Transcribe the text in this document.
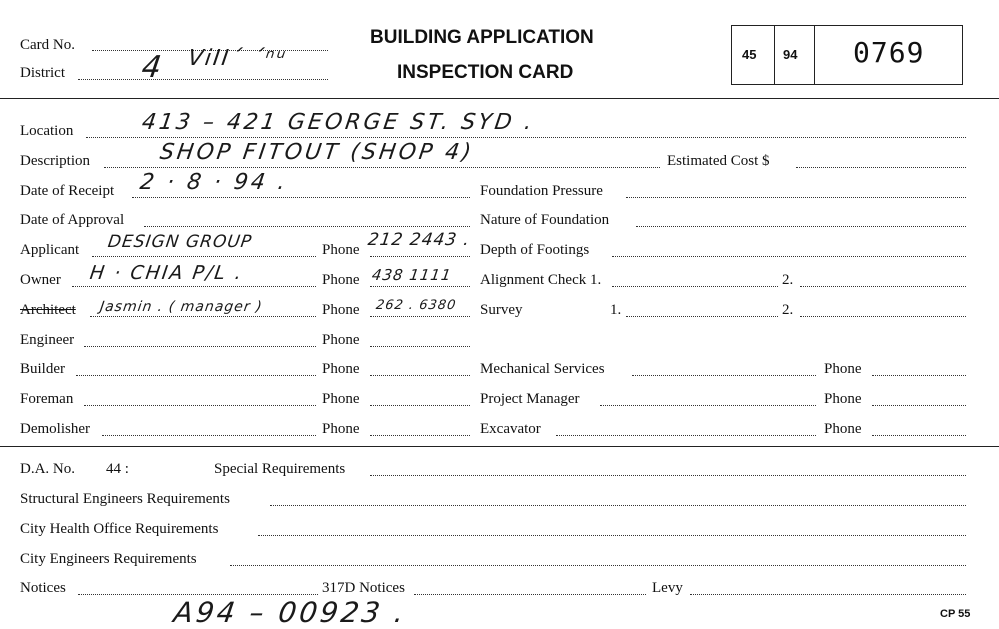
Card No.
District 4 ViII´ ´ⁿᵘ
BUILDING APPLICATION
INSPECTION CARD
45 94 0769
Location	413 – 421 GEORGE ST. SYD .
Description	SHOP FITOUT (SHOP 4)	Estimated Cost $
Date of Receipt 2 · 8 · 94 .	Foundation Pressure
Date of Approval	Nature of Foundation
Applicant DESIGN GROUP	Phone 212 2443 . Depth of Footings
Owner H · CHIA P/L .	Phone 438 1111 Alignment Check 1.	2.
Architect Jasmin . ( manager )	Phone 262 . 6380 Survey	1.	2.
Engineer	Phone
Builder	Phone	Mechanical Services	Phone
Foreman	Phone	Project Manager	Phone
Demolisher	Phone	Excavator	Phone
D.A. No. 44 :	Special Requirements
Structural Engineers Requirements
City Health Office Requirements
City Engineers Requirements
Notices	317D Notices	Levy
A94 – 00923 .	CP 55
